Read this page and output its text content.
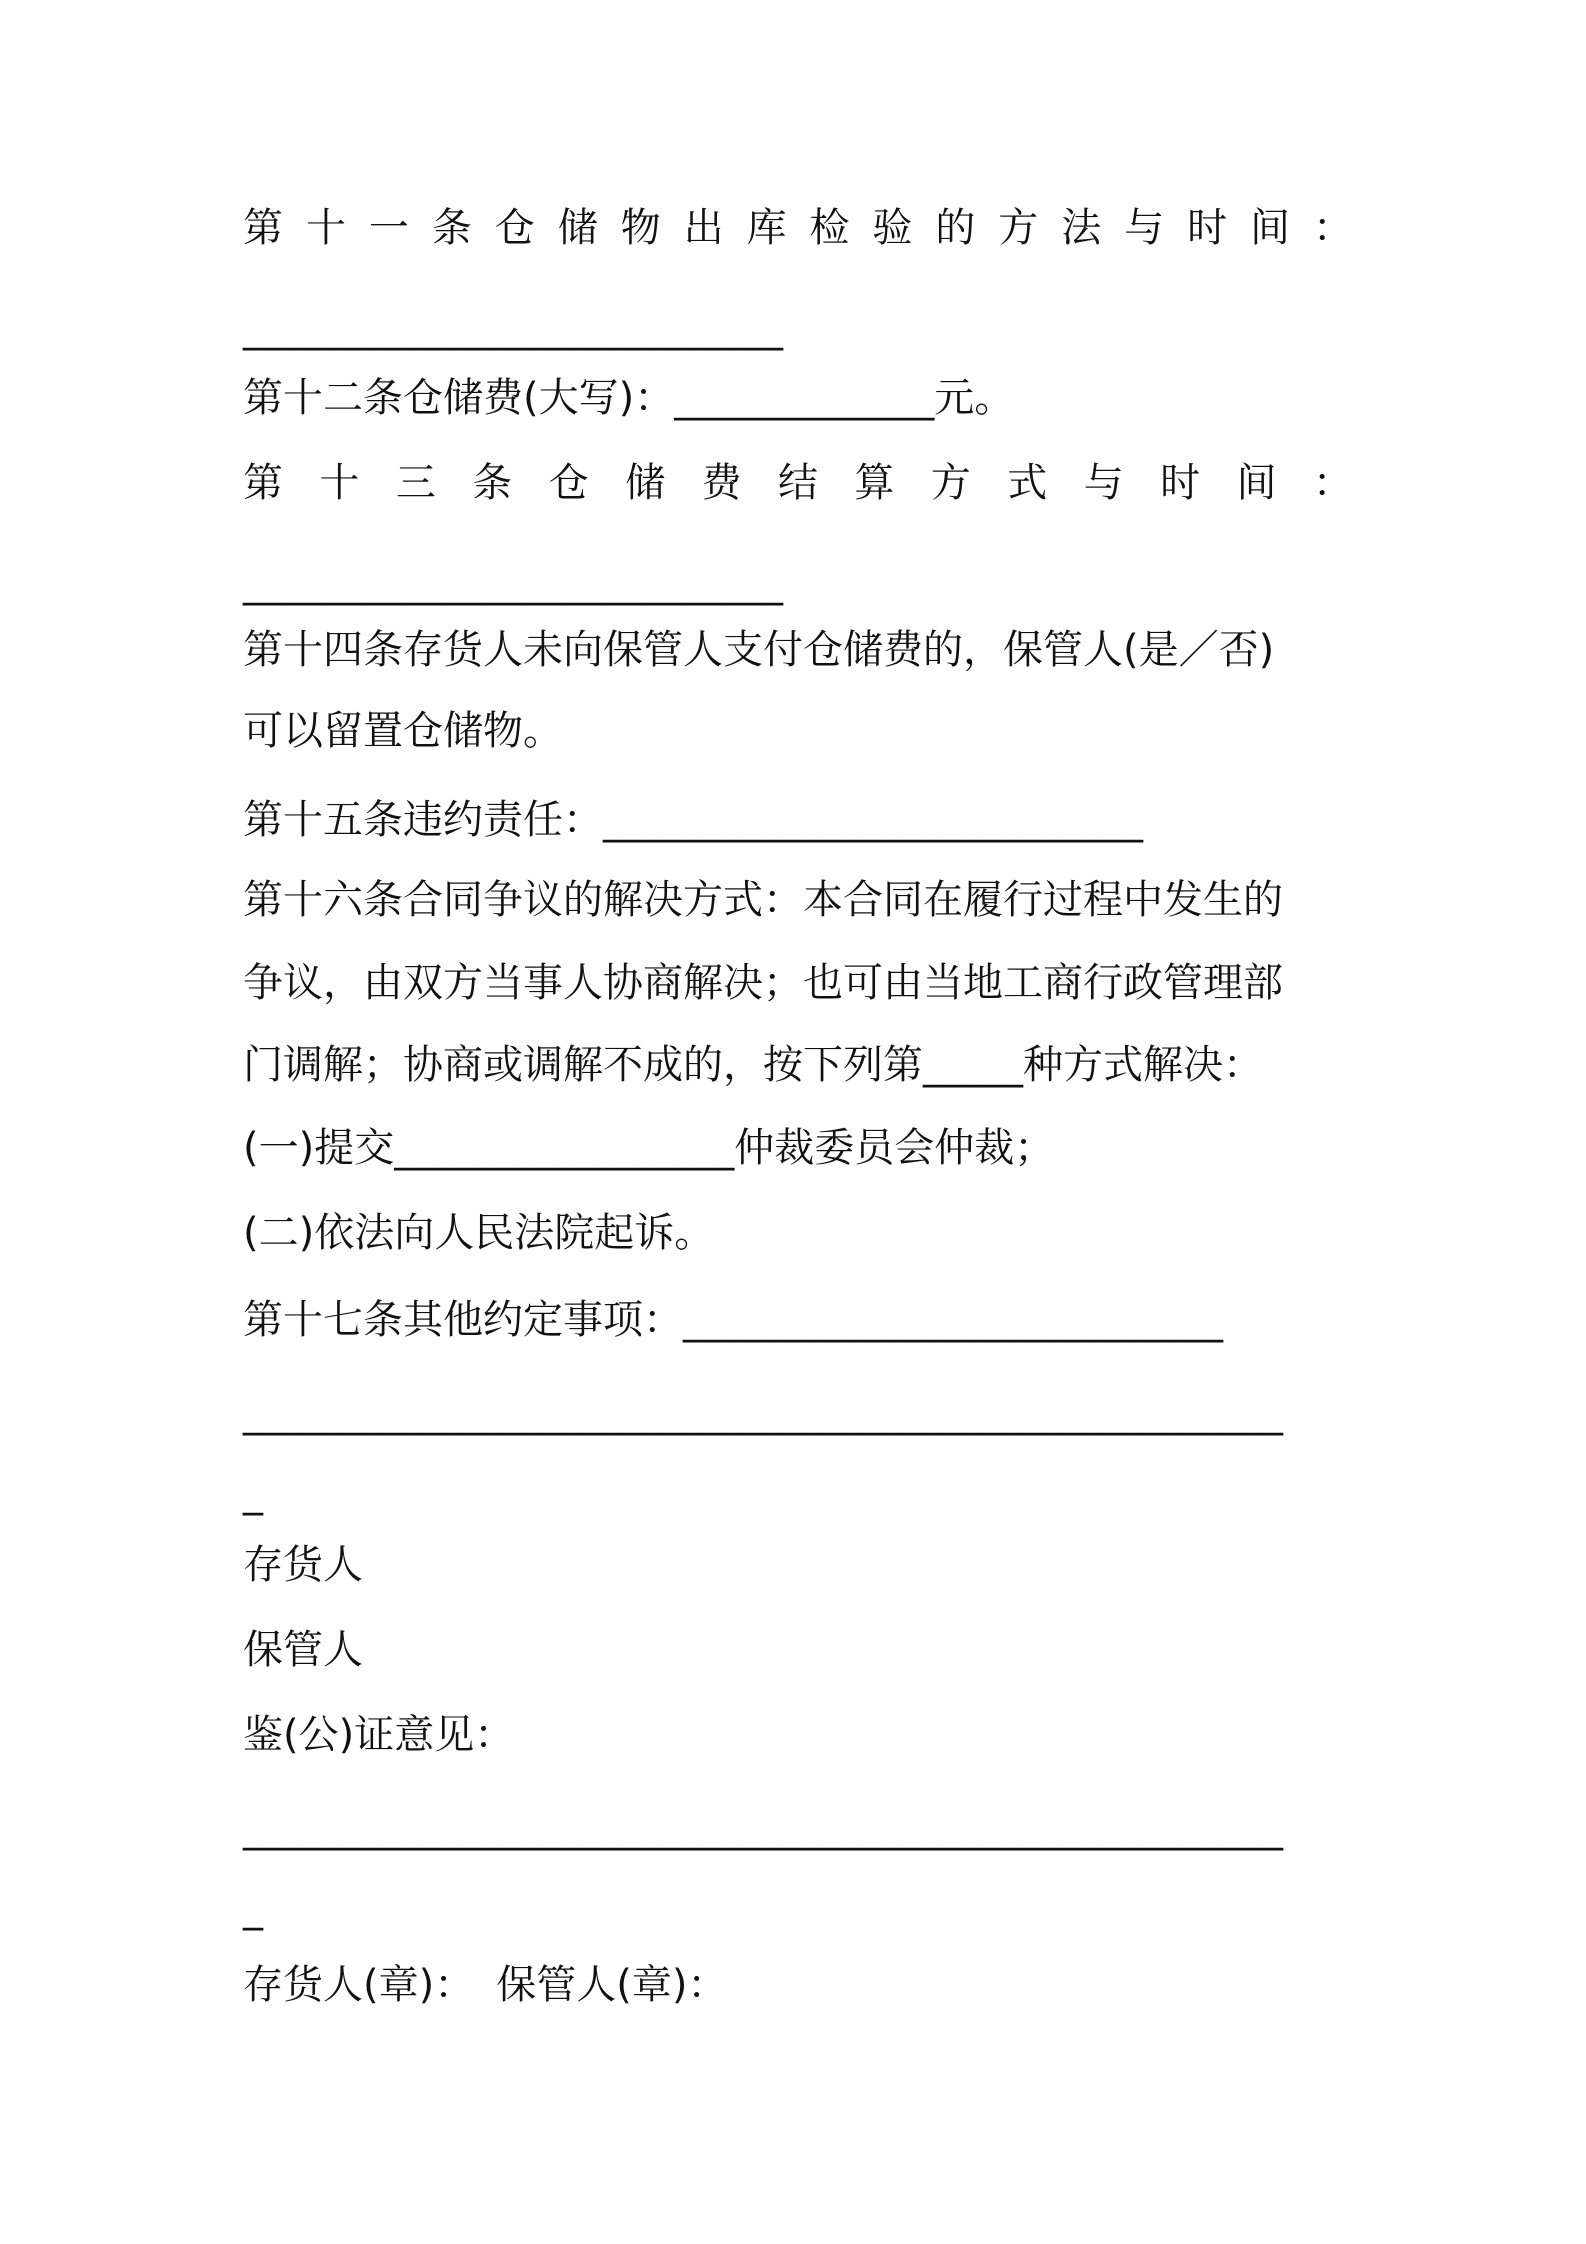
第 十 一 条 仓 储 物 出 库 检 验 的 方 法 与 时 间 ：
___________________________
第十二条仓储费(大写)：_____________元。
第 十 三 条 仓 储 费 结 算 方 式 与 时 间 ：
___________________________
第十四条存货人未向保管人支付仓储费的，保管人(是／否)
可以留置仓储物。
第十五条违约责任：___________________________
第十六条合同争议的解决方式：本合同在履行过程中发生的
争议，由双方当事人协商解决；也可由当地工商行政管理部
门调解；协商或调解不成的，按下列第_____种方式解决：
(一)提交_________________仲裁委员会仲裁；
(二)依法向人民法院起诉。
第十七条其他约定事项：___________________________
____________________________________________________
_
存货人
保管人
鉴(公)证意见：
____________________________________________________
_
存货人(章)： 保管人(章)：
